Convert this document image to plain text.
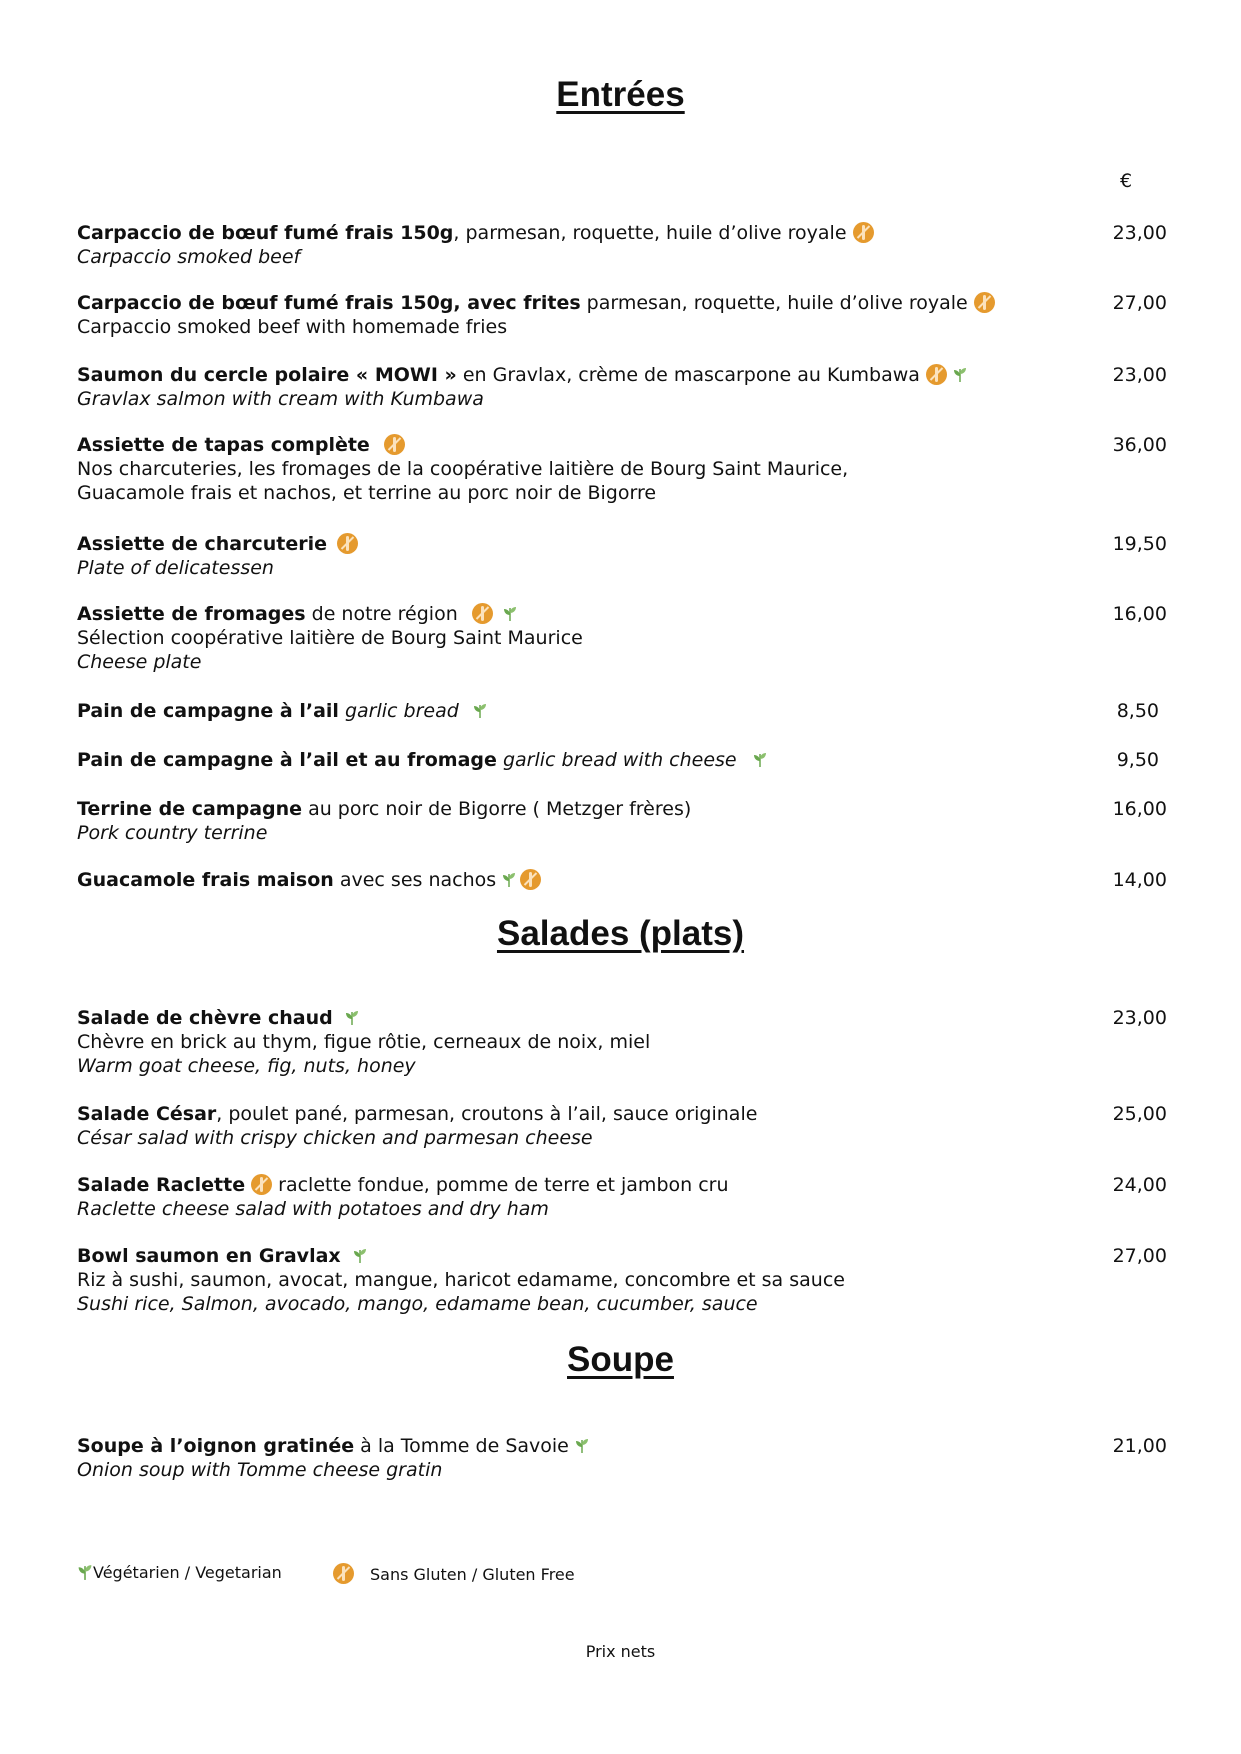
Entrées
€
Carpaccio de bœuf fumé frais 150g, parmesan, roquette, huile d’olive royale
Carpaccio smoked beef
23,00
Carpaccio de bœuf fumé frais 150g, avec frites parmesan, roquette, huile d’olive royale
Carpaccio smoked beef with homemade fries
27,00
Saumon du cercle polaire « MOWI » en Gravlax, crème de mascarpone au Kumbawa
Gravlax salmon with cream with Kumbawa
23,00
Assiette de tapas complète
Nos charcuteries, les fromages de la coopérative laitière de Bourg Saint Maurice,
Guacamole frais et nachos, et terrine au porc noir de Bigorre
36,00
Assiette de charcuterie
Plate of delicatessen
19,50
Assiette de fromages de notre région
Sélection coopérative laitière de Bourg Saint Maurice
Cheese plate
16,00
Pain de campagne à l’ail garlic bread	8,50
Pain de campagne à l’ail et au fromage garlic bread with cheese	9,50
Terrine de campagne au porc noir de Bigorre ( Metzger frères)
Pork country terrine
16,00
Guacamole frais maison avec ses nachos	14,00
Salades (plats)
Salade de chèvre chaud
Chèvre en brick au thym, figue rôtie, cerneaux de noix, miel
Warm goat cheese, fig, nuts, honey
23,00
Salade César, poulet pané, parmesan, croutons à l’ail, sauce originale
César salad with crispy chicken and parmesan cheese
25,00
Salade Raclette raclette fondue, pomme de terre et jambon cru
Raclette cheese salad with potatoes and dry ham
24,00
Bowl saumon en Gravlax
Riz à sushi, saumon, avocat, mangue, haricot edamame, concombre et sa sauce
Sushi rice, Salmon, avocado, mango, edamame bean, cucumber, sauce
27,00
Soupe
Soupe à l’oignon gratinée à la Tomme de Savoie
Onion soup with Tomme cheese gratin
21,00
Végétarien / Vegetarian	Sans Gluten / Gluten Free
Prix nets
